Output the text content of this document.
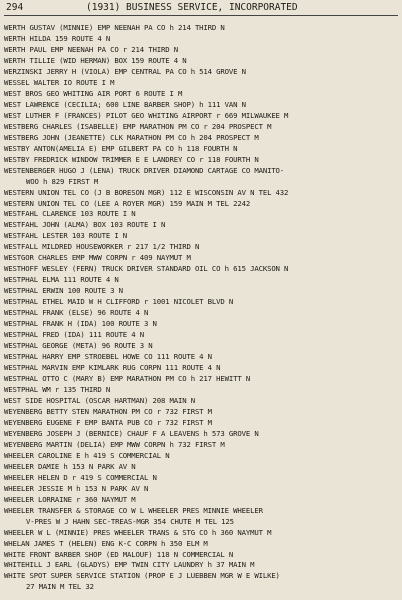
294	(1931) BUSINESS SERVICE, INCORPORATED
WERTH GUSTAV (MINNIE) EMP NEENAH PA CO h 214 THIRD N
WERTH HILDA 159 ROUTE 4 N
WERTH PAUL EMP NEENAH PA CO r 214 THIRD N
WERTH TILLIE (WID HERMAN) BOX 159 ROUTE 4 N
WERZINSKI JERRY H (VIOLA) EMP CENTRAL PA CO h 514 GROVE N
WESSEL WALTER IO ROUTE I M
WEST BROS GEO WHITING AIR PORT 6 ROUTE I M
WEST LAWRENCE (CECILIA; 600 LINE BARBER SHOP) h 111 VAN N
WEST LUTHER F (FRANCES) PILOT GEO WHITING AIRPORT r 669 MILWAUKEE M
WESTBERG CHARLES (ISABELLE) EMP MARATHON PM CO r 204 PROSPECT M
WESTBERG JOHN (JEANETTE) CLK MARATHON PM CO h 204 PROSPECT M
WESTBY ANTON(AMELIA E) EMP GILBERT PA CO h 118 FOURTH N
WESTBY FREDRICK WINDOW TRIMMER E E LANDREY CO r 118 FOURTH N
WESTENBERGER HUGO J (LENA) TRUCK DRIVER DIAMOND CARTAGE CO MANITO-
WOO h 829 FIRST M
WESTERN UNION TEL CO (J B BORESON MGR) 112 E WISCONSIN AV N TEL 432
WESTERN UNION TEL CO (LEE A ROYER MGR) 159 MAIN M TEL 2242
WESTFAHL CLARENCE 103 ROUTE I N
WESTFAHL JOHN (ALMA) BOX 103 ROUTE I N
WESTFAHL LESTER 103 ROUTE I N
WESTFALL MILDRED HOUSEWORKER r 217 1/2 THIRD N
WESTGOR CHARLES EMP MWW CORPN r 409 NAYMUT M
WESTHOFF WESLEY (FERN) TRUCK DRIVER STANDARD OIL CO h 615 JACKSON N
WESTPHAL ELMA 111 ROUTE 4 N
WESTPHAL ERWIN 100 ROUTE 3 N
WESTPHAL ETHEL MAID W H CLIFFORD r 1001 NICOLET BLVD N
WESTPHAL FRANK (ELSE) 96 ROUTE 4 N
WESTPHAL FRANK H (IDA) 100 ROUTE 3 N
WESTPHAL FRED (IDA) 111 ROUTE 4 N
WESTPHAL GEORGE (META) 96 ROUTE 3 N
WESTPHAL HARRY EMP STROEBEL HOWE CO 111 ROUTE 4 N
WESTPHAL MARVIN EMP KIMLARK RUG CORPN 111 ROUTE 4 N
WESTPHAL OTTO C (MARY B) EMP MARATHON PM CO h 217 HEWITT N
WESTPHAL WM r 135 THIRD N
WEST SIDE HOSPITAL (OSCAR HARTMAN) 208 MAIN N
WEYENBERG BETTY STEN MARATHON PM CO r 732 FIRST M
WEYENBERG EUGENE F EMP BANTA PUB CO r 732 FIRST M
WEYENBERG JOSEPH J (BERNICE) CHAUF F A LEAVENS h 573 GROVE N
WEYENBERG MARTIN (DELIA) EMP MWW CORPN h 732 FIRST M
WHEELER CAROLINE E h 419 S COMMERCIAL N
WHEELER DAMIE h 153 N PARK AV N
WHEELER HELEN D r 419 S COMMERCIAL N
WHEELER JESSIE M h 153 N PARK AV N
WHEELER LORRAINE r 360 NAYMUT M
WHEELER TRANSFER & STORAGE CO W L WHEELER PRES MINNIE WHEELER
V-PRES W J HAHN SEC-TREAS-MGR 354 CHUTE M TEL 125
WHEELER W L (MINNIE) PRES WHEELER TRANS & STG CO h 360 NAYMUT M
WHELAN JAMES T (HELEN) ENG K-C CORPN h 350 ELM M
WHITE FRONT BARBER SHOP (ED MALOUF) 118 N COMMERCIAL N
WHITEHILL J EARL (GLADYS) EMP TWIN CITY LAUNDRY h 37 MAIN M
WHITE SPOT SUPER SERVICE STATION (PROP E J LUEBBEN MGR W E WILKE)
27 MAIN M TEL 32
